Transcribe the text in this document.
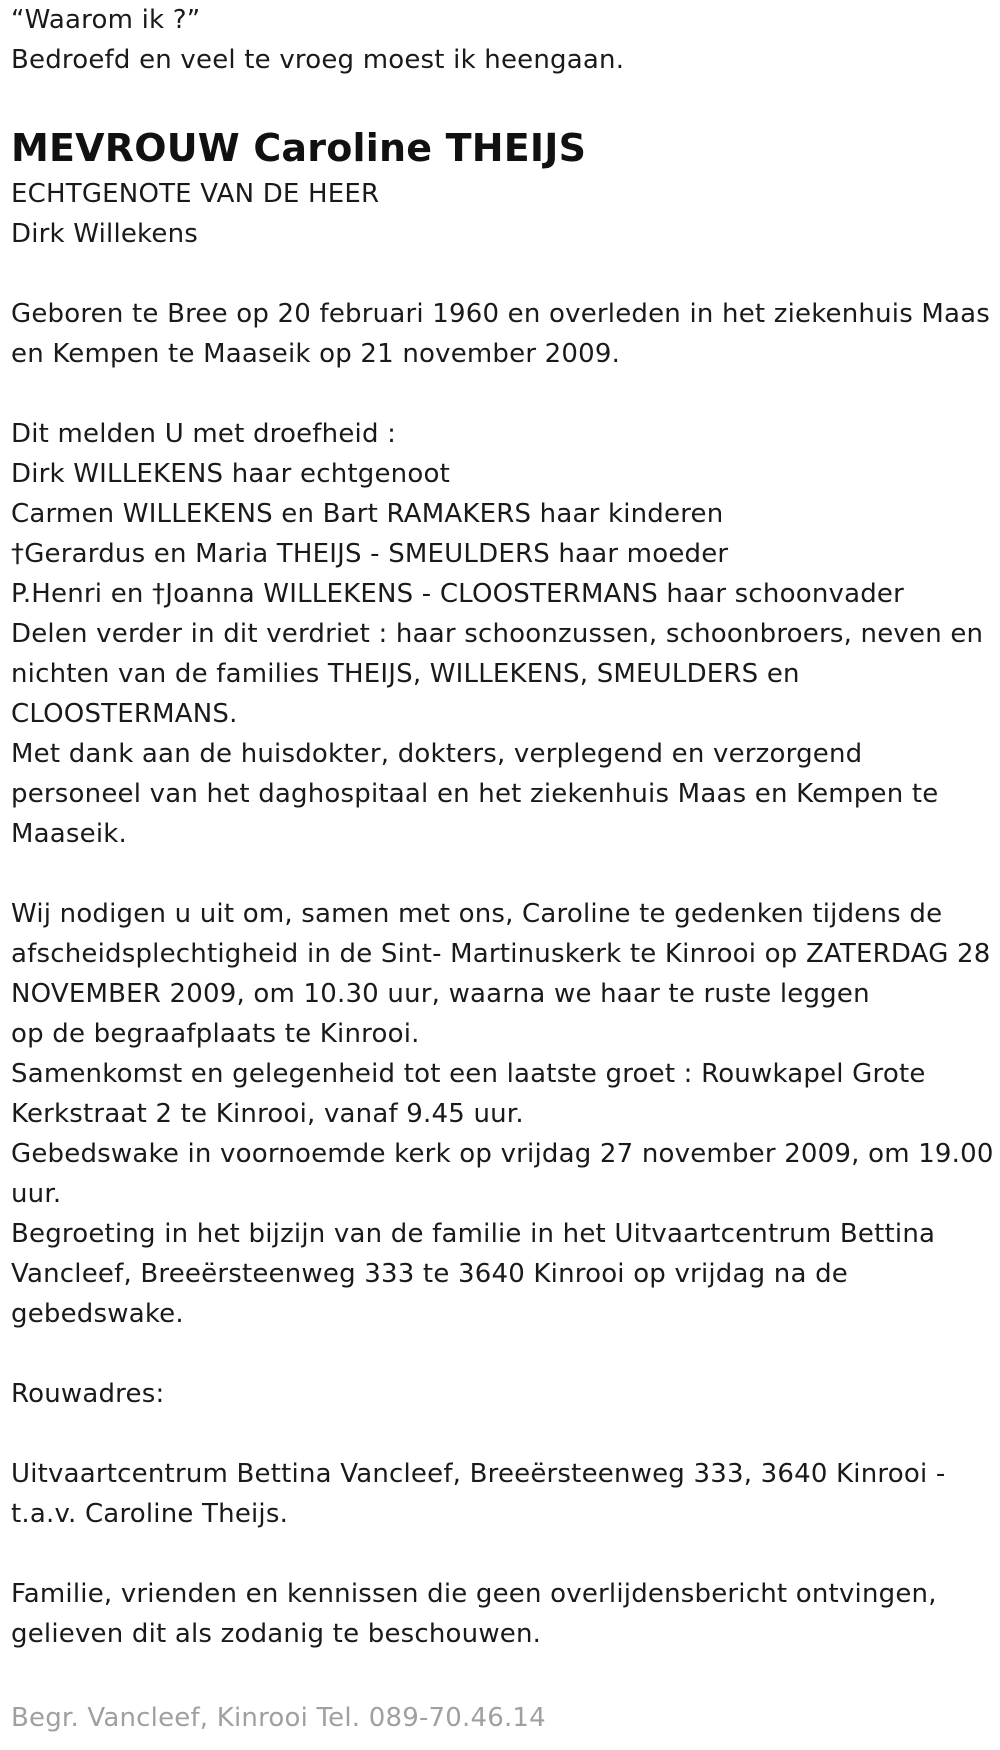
“Waarom ik ?”
Bedroefd en veel te vroeg moest ik heengaan.
MEVROUW Caroline THEIJS
ECHTGENOTE VAN DE HEER
Dirk Willekens
Geboren te Bree op 20 februari 1960 en overleden in het ziekenhuis Maas
en Kempen te Maaseik op 21 november 2009.
Dit melden U met droefheid :
Dirk WILLEKENS haar echtgenoot
Carmen WILLEKENS en Bart RAMAKERS haar kinderen
†Gerardus en Maria THEIJS - SMEULDERS haar moeder
P.Henri en †Joanna WILLEKENS - CLOOSTERMANS haar schoonvader
Delen verder in dit verdriet : haar schoonzussen, schoonbroers, neven en
nichten van de families THEIJS, WILLEKENS, SMEULDERS en
CLOOSTERMANS.
Met dank aan de huisdokter, dokters, verplegend en verzorgend
personeel van het daghospitaal en het ziekenhuis Maas en Kempen te
Maaseik.
Wij nodigen u uit om, samen met ons, Caroline te gedenken tijdens de
afscheidsplechtigheid in de Sint- Martinuskerk te Kinrooi op ZATERDAG 28
NOVEMBER 2009, om 10.30 uur, waarna we haar te ruste leggen
op de begraafplaats te Kinrooi.
Samenkomst en gelegenheid tot een laatste groet : Rouwkapel Grote
Kerkstraat 2 te Kinrooi, vanaf 9.45 uur.
Gebedswake in voornoemde kerk op vrijdag 27 november 2009, om 19.00
uur.
Begroeting in het bijzijn van de familie in het Uitvaartcentrum Bettina
Vancleef, Breeërsteenweg 333 te 3640 Kinrooi op vrijdag na de
gebedswake.
Rouwadres:
Uitvaartcentrum Bettina Vancleef, Breeërsteenweg 333, 3640 Kinrooi -
t.a.v. Caroline Theijs.
Familie, vrienden en kennissen die geen overlijdensbericht ontvingen,
gelieven dit als zodanig te beschouwen.
Begr. Vancleef, Kinrooi Tel. 089-70.46.14
